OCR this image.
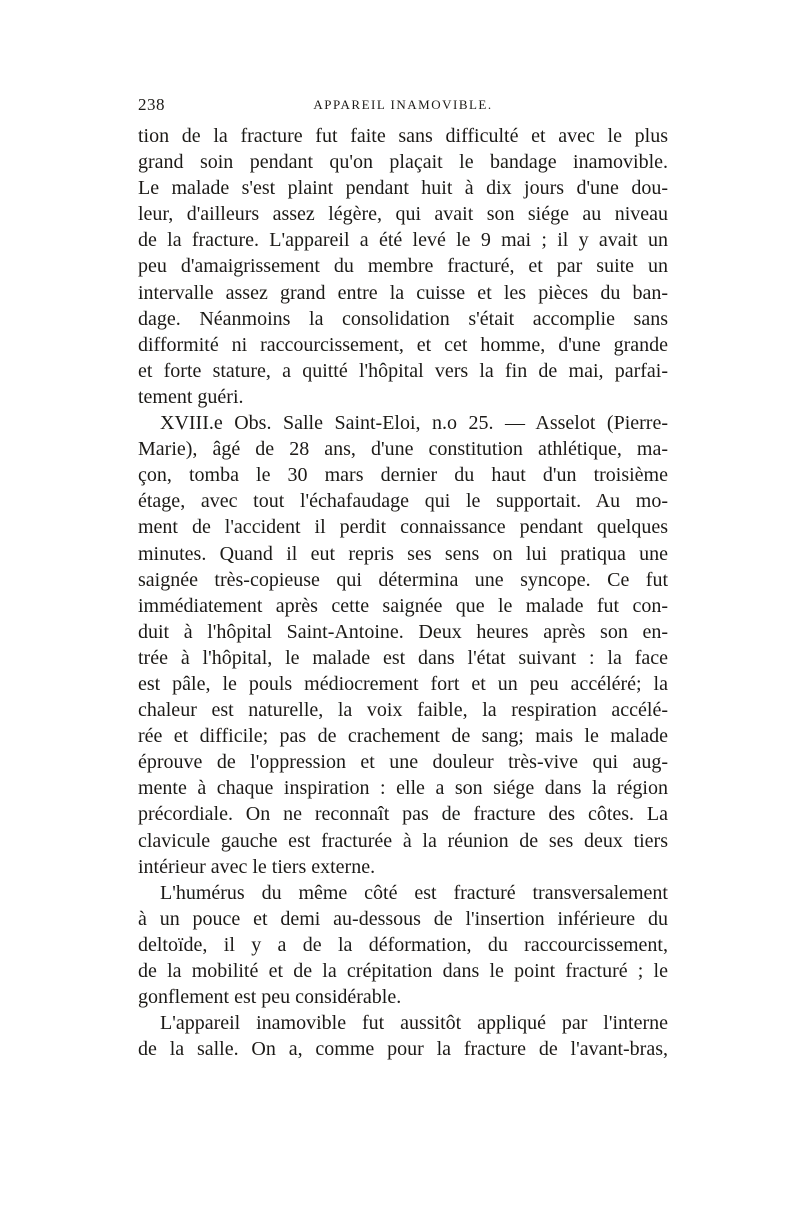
238	APPAREIL INAMOVIBLE.
tion de la fracture fut faite sans difficulté et avec le plus
grand soin pendant qu'on plaçait le bandage inamovible.
Le malade s'est plaint pendant huit à dix jours d'une dou-
leur, d'ailleurs assez légère, qui avait son siége au niveau
de la fracture. L'appareil a été levé le 9 mai ; il y avait un
peu d'amaigrissement du membre fracturé, et par suite un
intervalle assez grand entre la cuisse et les pièces du ban-
dage. Néanmoins la consolidation s'était accomplie sans
difformité ni raccourcissement, et cet homme, d'une grande
et forte stature, a quitté l'hôpital vers la fin de mai, parfai-
tement guéri.
XVIII.e Obs. Salle Saint-Eloi, n.o 25. — Asselot (Pierre-
Marie), âgé de 28 ans, d'une constitution athlétique, ma-
çon, tomba le 30 mars dernier du haut d'un troisième
étage, avec tout l'échafaudage qui le supportait. Au mo-
ment de l'accident il perdit connaissance pendant quelques
minutes. Quand il eut repris ses sens on lui pratiqua une
saignée très-copieuse qui détermina une syncope. Ce fut
immédiatement après cette saignée que le malade fut con-
duit à l'hôpital Saint-Antoine. Deux heures après son en-
trée à l'hôpital, le malade est dans l'état suivant : la face
est pâle, le pouls médiocrement fort et un peu accéléré; la
chaleur est naturelle, la voix faible, la respiration accélé-
rée et difficile; pas de crachement de sang; mais le malade
éprouve de l'oppression et une douleur très-vive qui aug-
mente à chaque inspiration : elle a son siége dans la région
précordiale. On ne reconnaît pas de fracture des côtes. La
clavicule gauche est fracturée à la réunion de ses deux tiers
intérieur avec le tiers externe.
L'humérus du même côté est fracturé transversalement
à un pouce et demi au-dessous de l'insertion inférieure du
deltoïde, il y a de la déformation, du raccourcissement,
de la mobilité et de la crépitation dans le point fracturé ; le
gonflement est peu considérable.
L'appareil inamovible fut aussitôt appliqué par l'interne
de la salle. On a, comme pour la fracture de l'avant-bras,
